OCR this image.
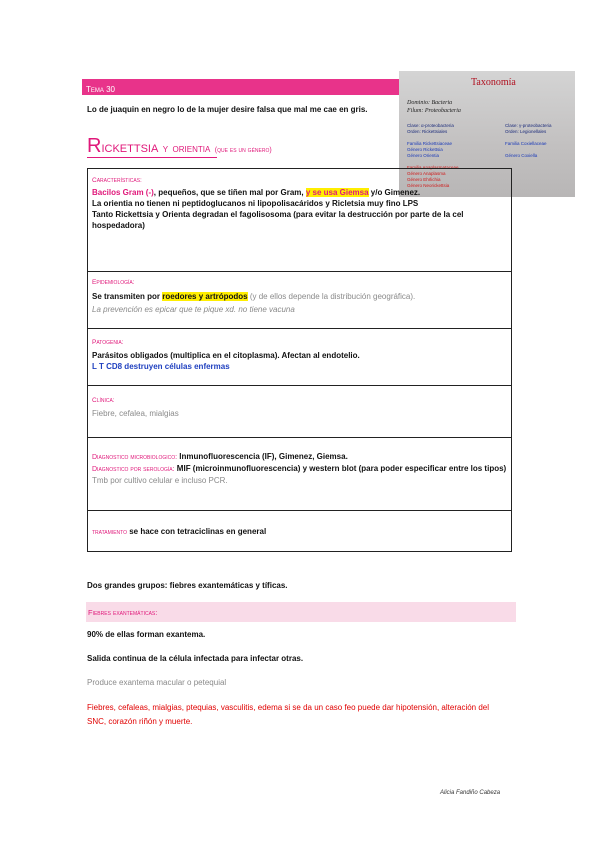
Tema 30
Lo de juaquin en negro lo de la mujer desire falsa que mal me cae en gris.
Taxonomía
Dominio: Bacteria
Filum: Proteobacteria
Clase: α-proteobacteria
Orden: Rickettsiales
Familia Rickettsiaceae
Género Rickettsia
Género Orientia
Familia Anaplasmataceae
Género Anaplasma
Género Ehrlichia
Género Neorickettsia
Clase: γ-proteobacteria
Orden: Legionellales
Familia Coxiellaceae
Género Coxiella
Rickettsia y orientia (que es un género)
Características:
Bacilos Gram (-), pequeños, que se tiñen mal por Gram, y se usa Giemsa y/o Gimenez.
La orientia no tienen ni peptidoglucanos ni lipopolisacáridos y Ricletsia muy fino LPS
Tanto Rickettsia y Orienta degradan el fagolisosoma (para evitar la destrucción por parte de la cel hospedadora)
Epidemiología:
Se transmiten por roedores y artrópodos (y de ellos depende la distribución geográfica).
La prevención es epicar que te pique xd. no tiene vacuna
Patogenia:
Parásitos obligados (multiplica en el citoplasma). Afectan al endotelio.
L T CD8 destruyen células enfermas
Clínica:
Fiebre, cefalea, mialgias
Diagnostico microbiologico: Inmunofluorescencia (IF), Gimenez, Giemsa.
Diagnostico por serología: MIF (microinmunofluorescencia) y western blot (para poder especificar entre los tipos)
Tmb por cultivo celular e incluso PCR.
tratamiento se hace con tetraciclinas en general
Dos grandes grupos: fiebres exantemáticas y tíficas.
Fiebres exantemáticas:
90% de ellas forman exantema.
Salida continua de la célula infectada para infectar otras.
Produce exantema macular o petequial
Fiebres, cefaleas, mialgias, ptequias, vasculitis, edema si se da un caso feo puede dar hipotensión, alteración del SNC, corazón riñón y muerte.
Alicia Fandiño Cabeza
